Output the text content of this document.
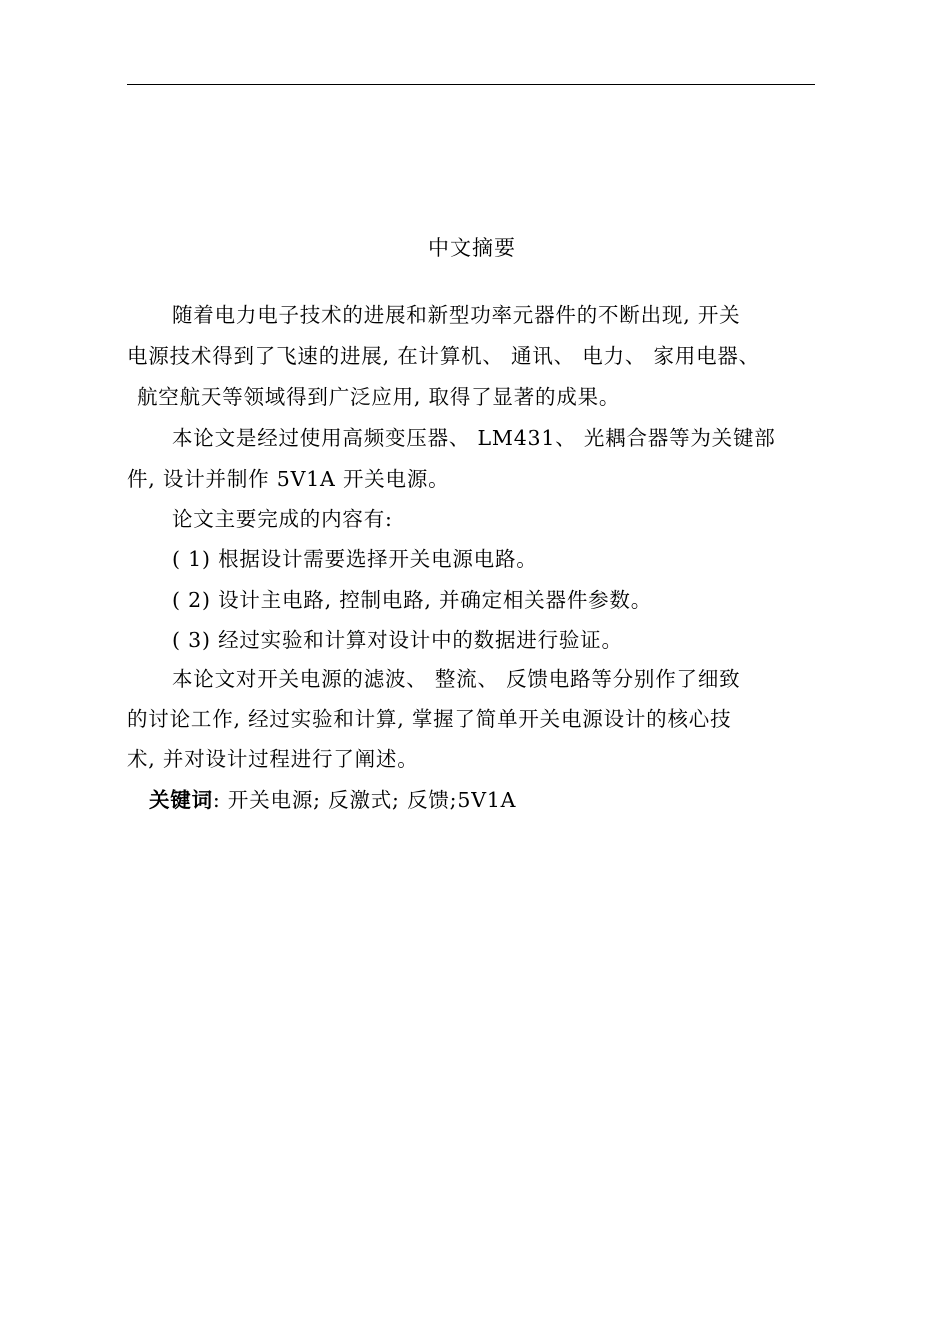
中文摘要
随着电力电子技术的进展和新型功率元器件的不断出现, 开关
电源技术得到了飞速的进展, 在计算机、 通讯、 电力、 家用电器、
航空航天等领域得到广泛应用, 取得了显著的成果。
本论文是经过使用高频变压器、 LM431、 光耦合器等为关键部
件, 设计并制作 5V1A 开关电源。
论文主要完成的内容有:
( 1) 根据设计需要选择开关电源电路。
( 2) 设计主电路, 控制电路, 并确定相关器件参数。
( 3) 经过实验和计算对设计中的数据进行验证。
本论文对开关电源的滤波、 整流、 反馈电路等分别作了细致
的讨论工作, 经过实验和计算, 掌握了简单开关电源设计的核心技
术, 并对设计过程进行了阐述。
关键词: 开关电源; 反激式; 反馈;5V1A
